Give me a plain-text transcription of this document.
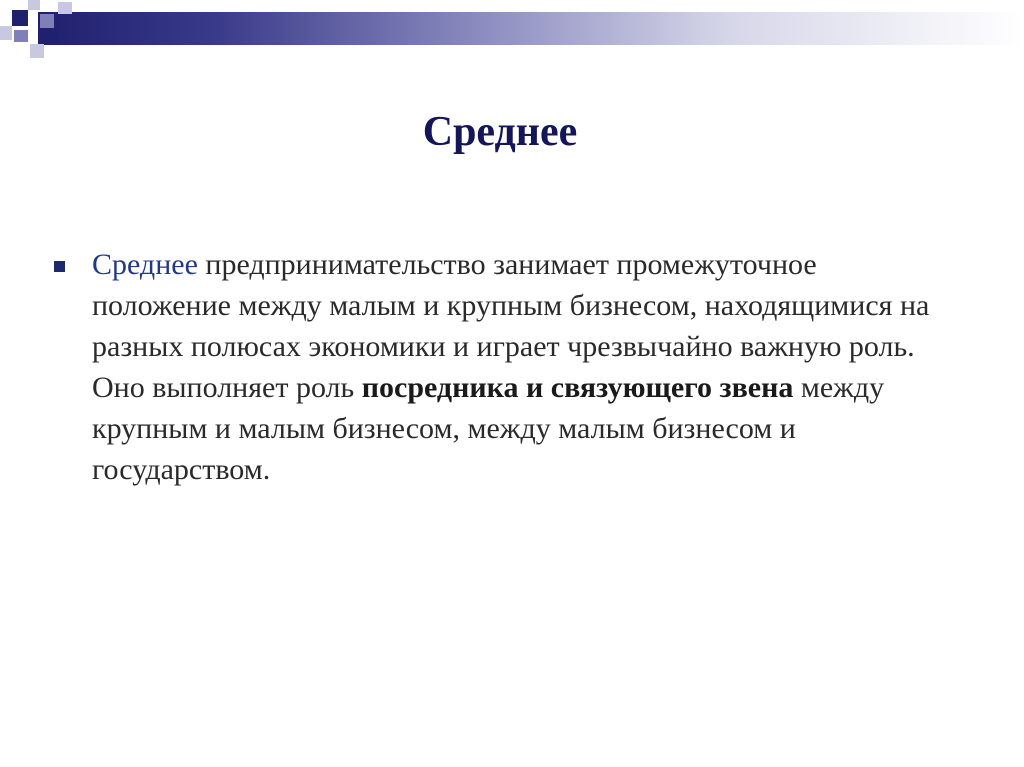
Среднее

Среднее предпринимательство занимает промежуточное положение между малым и крупным бизнесом, находящимися на разных полюсах экономики и играет чрезвычайно важную роль. Оно выполняет роль посредника и связующего звена между крупным и малым бизнесом, между малым бизнесом и государством.
